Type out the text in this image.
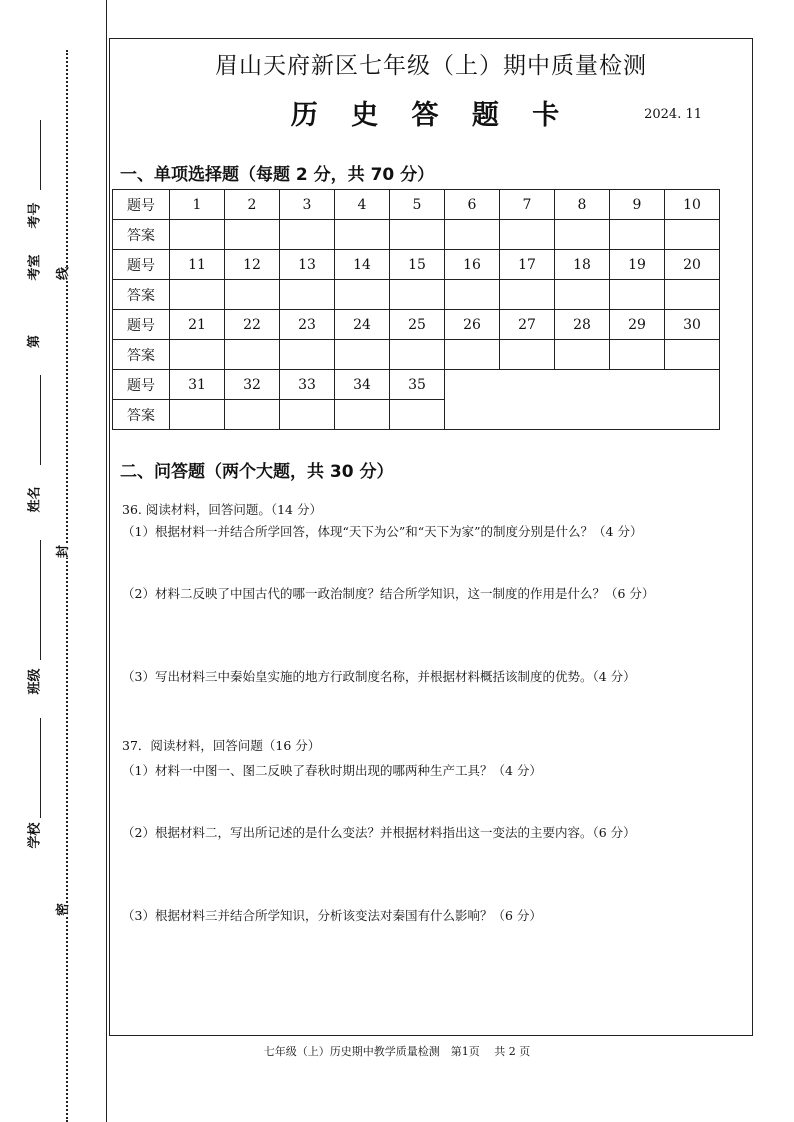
考号
考室
第
线
姓名
封
班级
学校
密
眉山天府新区七年级（上）期中质量检测
历 史 答 题 卡	2024. 11
一、单项选择题（每题 2 分，共 70 分）
题号	1	2	3	4	5	6	7	8	9	10
答案										
题号	11	12	13	14	15	16	17	18	19	20
答案										
题号	21	22	23	24	25	26	27	28	29	30
答案										
题号	31	32	33	34	35					
答案										
二、问答题（两个大题，共 30 分）
36. 阅读材料，回答问题。（14 分）
（1）根据材料一并结合所学回答，体现“天下为公”和“天下为家”的制度分别是什么？（4 分）
（2）材料二反映了中国古代的哪一政治制度？结合所学知识，这一制度的作用是什么？（6 分）
（3）写出材料三中秦始皇实施的地方行政制度名称，并根据材料概括该制度的优势。（4 分）
37．阅读材料，回答问题（16 分）
（1）材料一中图一、图二反映了春秋时期出现的哪两种生产工具？（4 分）
（2）根据材料二，写出所记述的是什么变法？并根据材料指出这一变法的主要内容。（6 分）
（3）根据材料三并结合所学知识，分析该变法对秦国有什么影响？（6 分）
七年级（上）历史期中教学质量检测　第1页　 共 2 页
